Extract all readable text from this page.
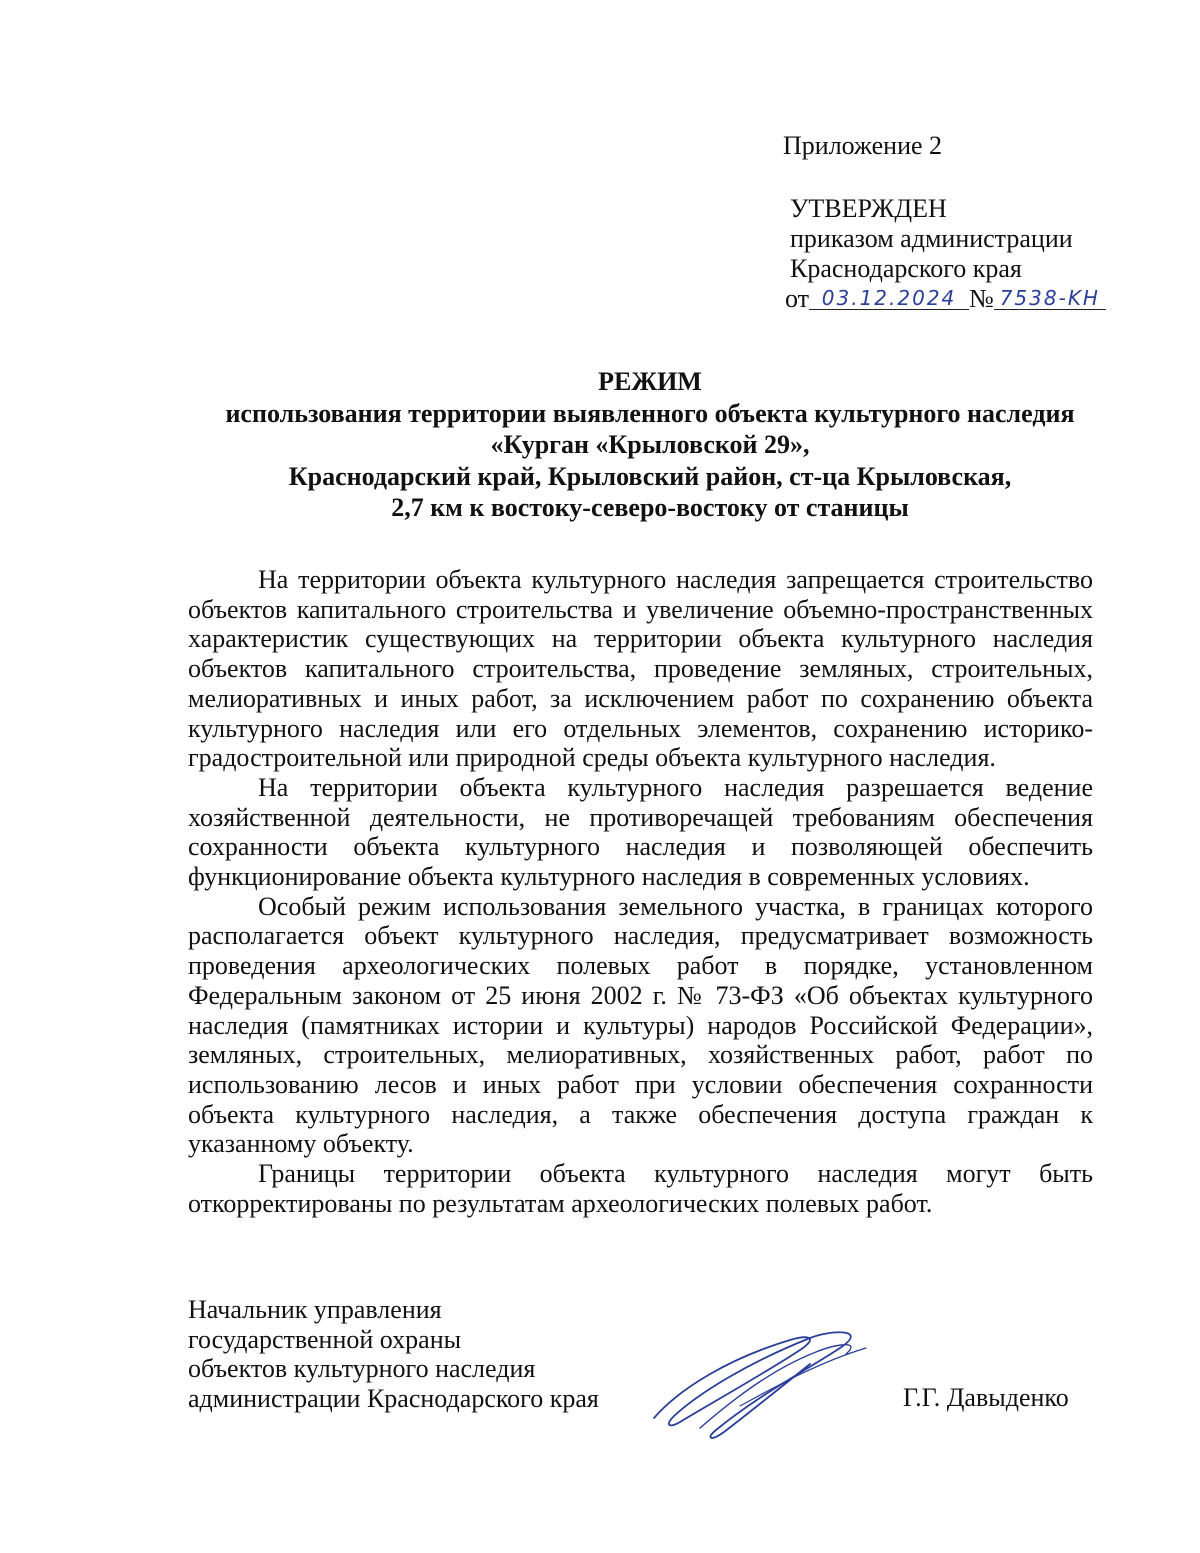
Приложение 2
УТВЕРЖДЕН
приказом администрации
Краснодарского края
от 03.12.2024 № 7538-KH
РЕЖИМ
использования территории выявленного объекта культурного наследия
«Курган «Крыловской 29»,
Краснодарский край, Крыловский район, ст-ца Крыловская,
2,7 км к востоку-северо-востоку от станицы

На территории объекта культурного наследия запрещается строительство объектов капитального строительства и увеличение объемно-пространственных характеристик существующих на территории объекта культурного наследия объектов капитального строительства, проведение земляных, строительных, мелиоративных и иных работ, за исключением работ по сохранению объекта культурного наследия или его отдельных элементов, сохранению историко-градостроительной или природной среды объекта культурного наследия.

На территории объекта культурного наследия разрешается ведение хозяйственной деятельности, не противоречащей требованиям обеспечения сохранности объекта культурного наследия и позволяющей обеспечить функционирование объекта культурного наследия в современных условиях.

Особый режим использования земельного участка, в границах которого располагается объект культурного наследия, предусматривает возможность проведения археологических полевых работ в порядке, установленном Федеральным законом от 25 июня 2002 г. № 73-ФЗ «Об объектах культурного наследия (памятниках истории и культуры) народов Российской Федерации», земляных, строительных, мелиоративных, хозяйственных работ, работ по использованию лесов и иных работ при условии обеспечения сохранности объекта культурного наследия, а также обеспечения доступа граждан к указанному объекту.

Границы территории объекта культурного наследия могут быть откорректированы по результатам археологических полевых работ.

Начальник управления
государственной охраны
объектов культурного наследия
администрации Краснодарского края	Г.Г. Давыденко
